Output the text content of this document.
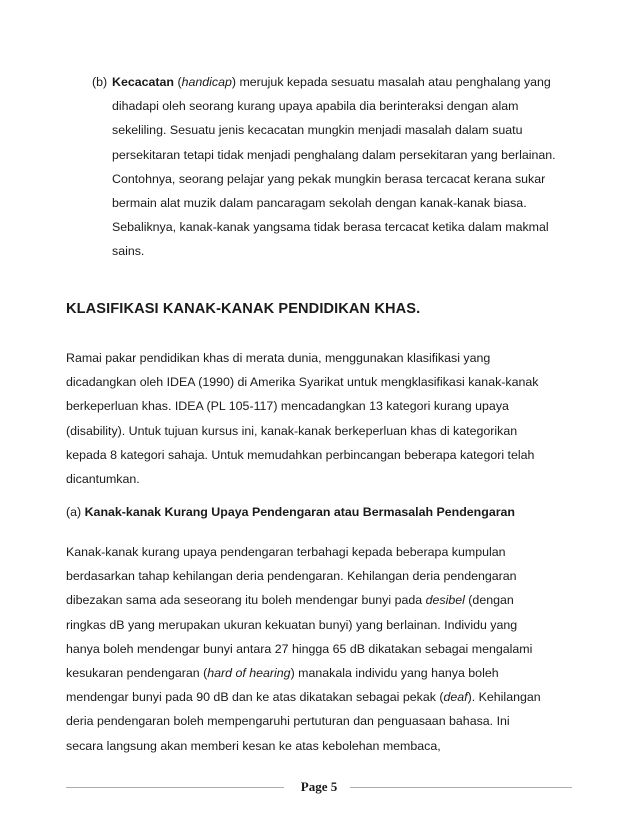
(b) Kecacatan (handicap) merujuk kepada sesuatu masalah atau penghalang yang
dihadapi oleh seorang kurang upaya apabila dia berinteraksi dengan alam
sekeliling. Sesuatu jenis kecacatan mungkin menjadi masalah dalam suatu
persekitaran tetapi tidak menjadi penghalang dalam persekitaran yang berlainan.
Contohnya, seorang pelajar yang pekak mungkin berasa tercacat kerana sukar
bermain alat muzik dalam pancaragam sekolah dengan kanak-kanak biasa.
Sebaliknya, kanak-kanak yangsama tidak berasa tercacat ketika dalam makmal
sains.
KLASIFIKASI KANAK-KANAK PENDIDIKAN KHAS.
Ramai pakar pendidikan khas di merata dunia, menggunakan klasifikasi yang
dicadangkan oleh IDEA (1990) di Amerika Syarikat untuk mengklasifikasi kanak-kanak
berkeperluan khas. IDEA (PL 105-117) mencadangkan 13 kategori kurang upaya
(disability). Untuk tujuan kursus ini, kanak-kanak berkeperluan khas di kategorikan
kepada 8 kategori sahaja. Untuk memudahkan perbincangan beberapa kategori telah
dicantumkan.
(a) Kanak-kanak Kurang Upaya Pendengaran atau Bermasalah Pendengaran
Kanak-kanak kurang upaya pendengaran terbahagi kepada beberapa kumpulan
berdasarkan tahap kehilangan deria pendengaran. Kehilangan deria pendengaran
dibezakan sama ada seseorang itu boleh mendengar bunyi pada desibel (dengan
ringkas dB yang merupakan ukuran kekuatan bunyi) yang berlainan. Individu yang
hanya boleh mendengar bunyi antara 27 hingga 65 dB dikatakan sebagai mengalami
kesukaran pendengaran (hard of hearing) manakala individu yang hanya boleh
mendengar bunyi pada 90 dB dan ke atas dikatakan sebagai pekak (deaf). Kehilangan
deria pendengaran boleh mempengaruhi pertuturan dan penguasaan bahasa. Ini
secara langsung akan memberi kesan ke atas kebolehan membaca,
Page 5
